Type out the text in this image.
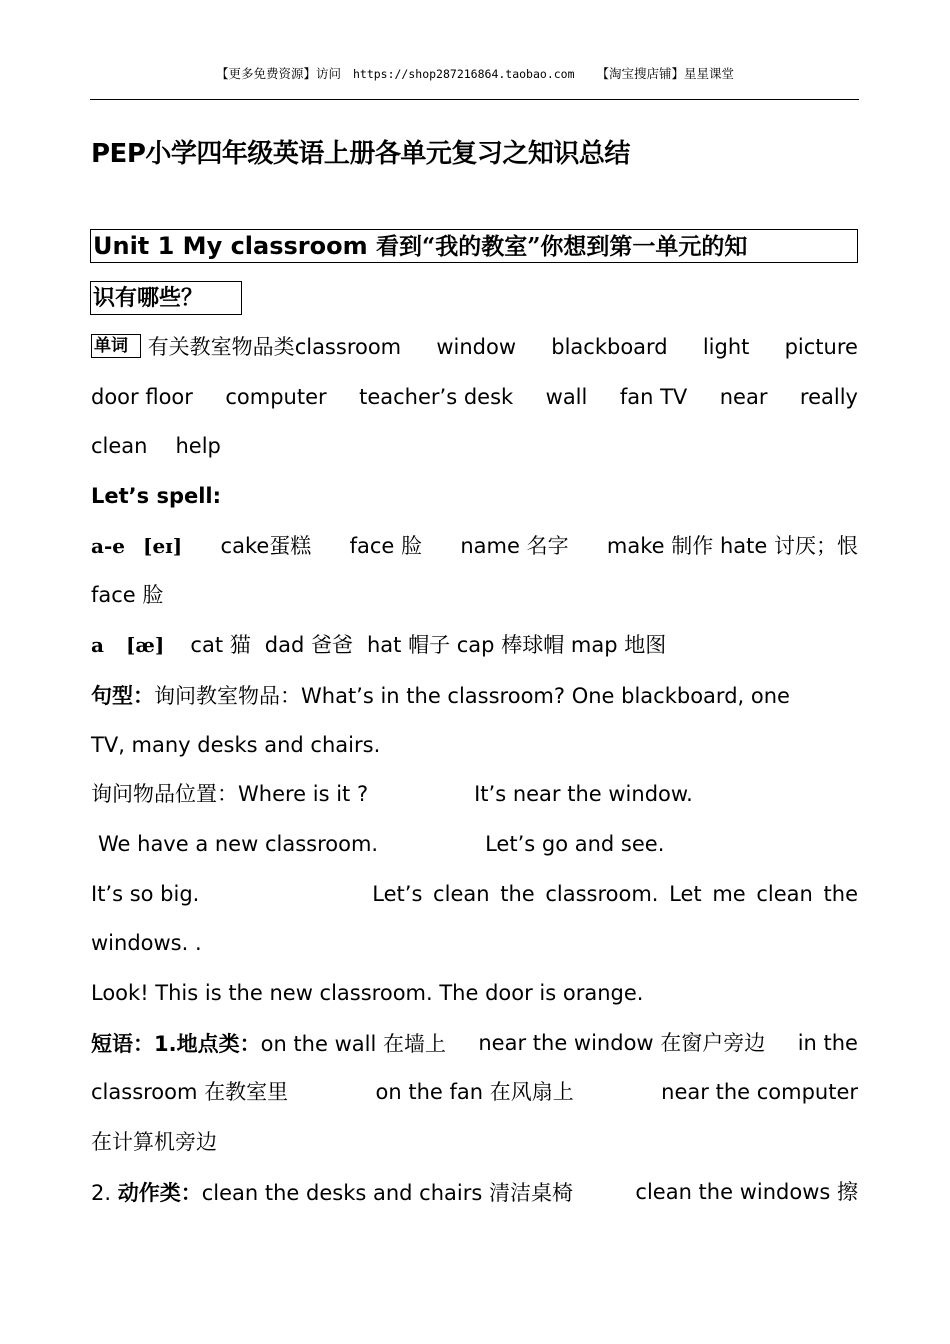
【更多免费资源】访问 https://shop287216864.taobao.com 【淘宝搜店铺】星星课堂
PEP小学四年级英语上册各单元复习之知识总结
Unit 1 My classroom 看到“我的教室”你想到第一单元的知
识有哪些？
单词 有关教室物品类classroom window blackboard light picture
door floor computer teacher’s desk wall fan TV near really
clean help
Let’s spell:
a-e [eɪ] cake蛋糕 face 脸 name 名字 make 制作 hate 讨厌；恨
face 脸
a [æ] cat 猫 dad 爸爸 hat 帽子 cap 棒球帽 map 地图
句型：询问教室物品：What’s in the classroom? One blackboard, one
TV, many desks and chairs.
询问物品位置：Where is it ?	It’s near the window.
We have a new classroom.	Let’s go and see.
It’s so big.	Let’s clean the classroom. Let me clean the
windows. .
Look! This is the new classroom. The door is orange.
短语：1.地点类：on the wall 在墙上 near the window 在窗户旁边 in the
classroom 在教室里	on the fan 在风扇上	near the computer
在计算机旁边
2. 动作类：clean the desks and chairs 清洁桌椅	clean the windows 擦
